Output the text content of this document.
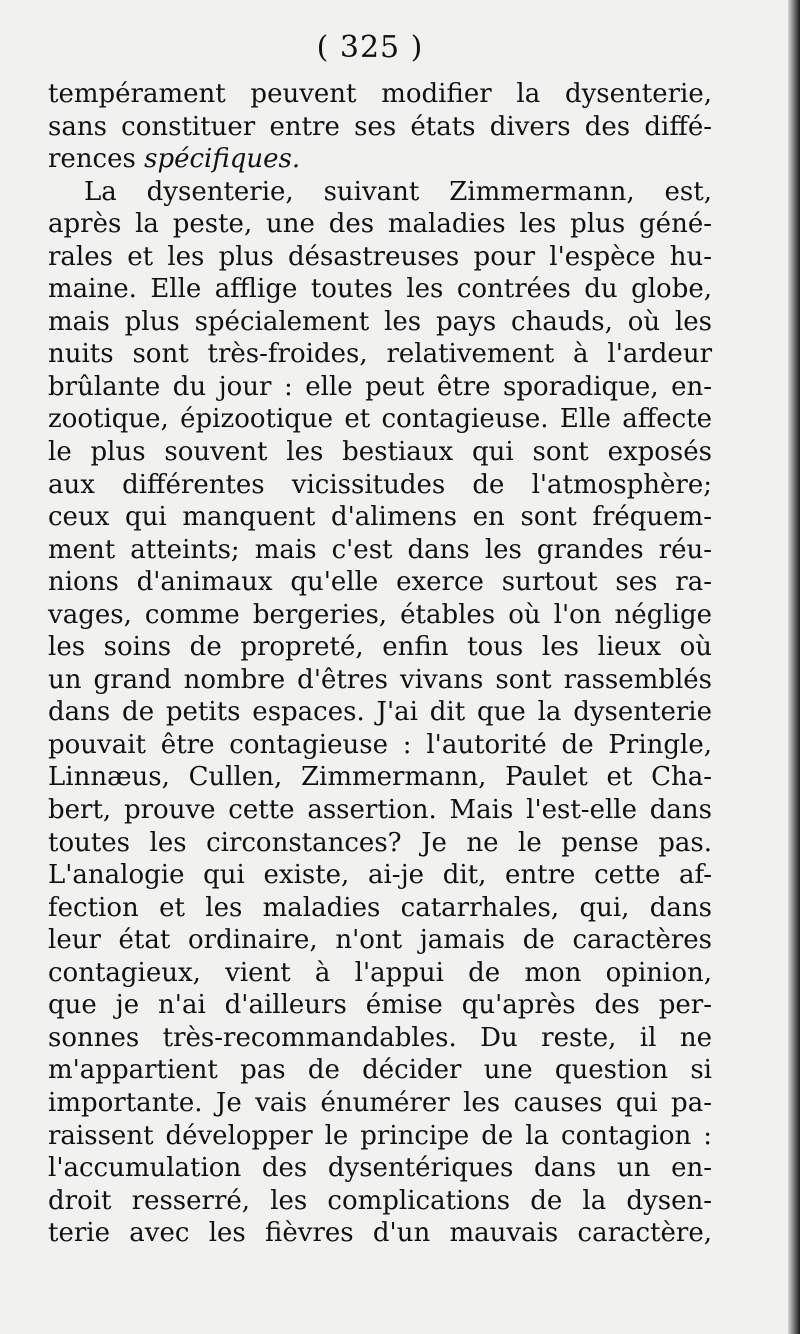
( 325 )
tempérament peuvent modifier la dysenterie,
sans constituer entre ses états divers des diffé-
rences spécifiques.
La dysenterie, suivant Zimmermann, est,
après la peste, une des maladies les plus géné-
rales et les plus désastreuses pour l'espèce hu-
maine. Elle afflige toutes les contrées du globe,
mais plus spécialement les pays chauds, où les
nuits sont très-froides, relativement à l'ardeur
brûlante du jour : elle peut être sporadique, en-
zootique, épizootique et contagieuse. Elle affecte
le plus souvent les bestiaux qui sont exposés
aux différentes vicissitudes de l'atmosphère;
ceux qui manquent d'alimens en sont fréquem-
ment atteints; mais c'est dans les grandes réu-
nions d'animaux qu'elle exerce surtout ses ra-
vages, comme bergeries, étables où l'on néglige
les soins de propreté, enfin tous les lieux où
un grand nombre d'êtres vivans sont rassemblés
dans de petits espaces. J'ai dit que la dysenterie
pouvait être contagieuse : l'autorité de Pringle,
Linnæus, Cullen, Zimmermann, Paulet et Cha-
bert, prouve cette assertion. Mais l'est-elle dans
toutes les circonstances? Je ne le pense pas.
L'analogie qui existe, ai-je dit, entre cette af-
fection et les maladies catarrhales, qui, dans
leur état ordinaire, n'ont jamais de caractères
contagieux, vient à l'appui de mon opinion,
que je n'ai d'ailleurs émise qu'après des per-
sonnes très-recommandables. Du reste, il ne
m'appartient pas de décider une question si
importante. Je vais énumérer les causes qui pa-
raissent développer le principe de la contagion :
l'accumulation des dysentériques dans un en-
droit resserré, les complications de la dysen-
terie avec les fièvres d'un mauvais caractère,
